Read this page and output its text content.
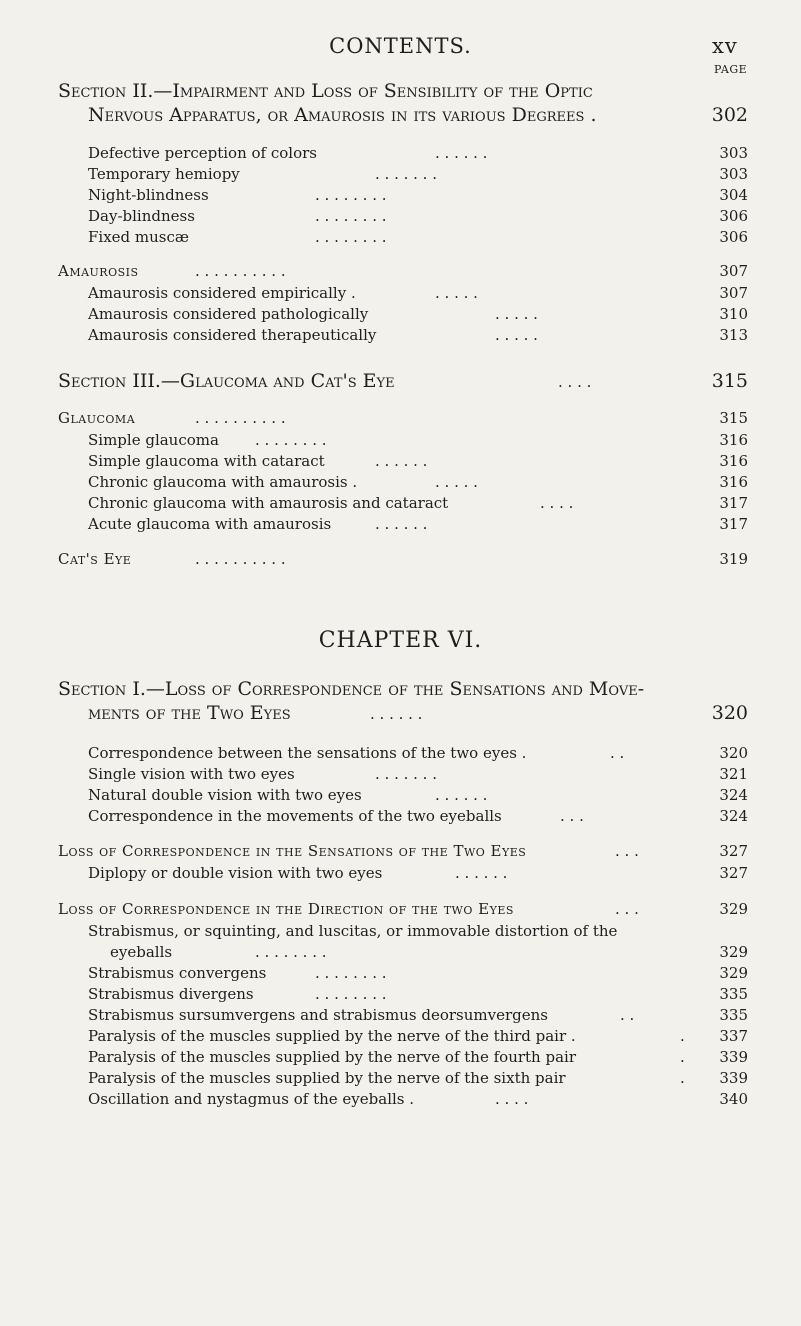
CONTENTS.	xv
PAGE
Section II.—Impairment and Loss of Sensibility of the Optic
Nervous Apparatus, or Amaurosis in its various Degrees .	302
Defective perception of colors	. . . . . .	303
Temporary hemiopy	. . . . . . .	303
Night-blindness	. . . . . . . .	304
Day-blindness	. . . . . . . .	306
Fixed muscæ	. . . . . . . .	306
Amaurosis	. . . . . . . . . .	307
Amaurosis considered empirically .	. . . . .	307
Amaurosis considered pathologically	. . . . .	310
Amaurosis considered therapeutically	. . . . .	313
Section III.—Glaucoma and Cat's Eye	. . . .	315
Glaucoma	. . . . . . . . . .	315
Simple glaucoma . . . . . . . .	316
Simple glaucoma with cataract	. . . . . .	316
Chronic glaucoma with amaurosis .	. . . . .	316
Chronic glaucoma with amaurosis and cataract	. . . .	317
Acute glaucoma with amaurosis	. . . . . .	317
Cat's Eye	. . . . . . . . . .	319
CHAPTER VI.
Section I.—Loss of Correspondence of the Sensations and Move-
ments of the Two Eyes	. . . . . .	320
Correspondence between the sensations of the two eyes .	. .	320
Single vision with two eyes	. . . . . . .	321
Natural double vision with two eyes	. . . . . .	324
Correspondence in the movements of the two eyeballs	. . .	324
Loss of Correspondence in the Sensations of the Two Eyes	. . .	327
Diplopy or double vision with two eyes	. . . . . .	327
Loss of Correspondence in the Direction of the two Eyes	. . .	329
Strabismus, or squinting, and luscitas, or immovable distortion of the
eyeballs	. . . . . . . .	329
Strabismus convergens	. . . . . . . .	329
Strabismus divergens	. . . . . . . .	335
Strabismus sursumvergens and strabismus deorsumvergens	. .	335
Paralysis of the muscles supplied by the nerve of the third pair .	.	337
Paralysis of the muscles supplied by the nerve of the fourth pair	.	339
Paralysis of the muscles supplied by the nerve of the sixth pair	.	339
Oscillation and nystagmus of the eyeballs .	. . . .	340
